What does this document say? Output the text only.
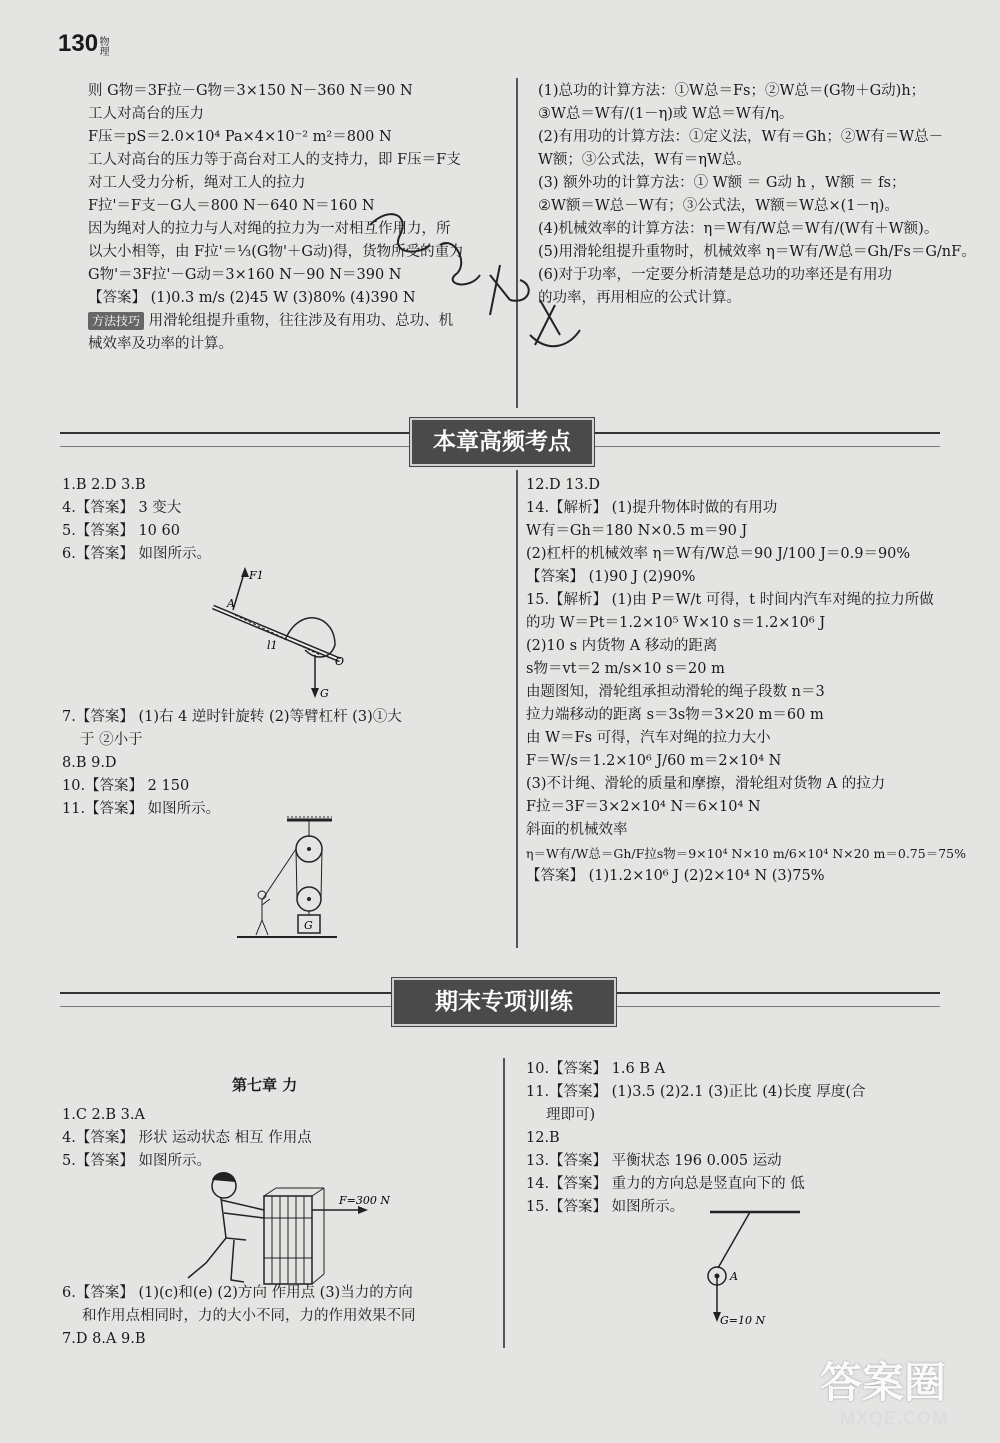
130
物理
则 G物＝3F拉－G物＝3×150 N－360 N＝90 N
工人对高台的压力
F压＝pS＝2.0×10⁴ Pa×4×10⁻² m²＝800 N
工人对高台的压力等于高台对工人的支持力，即 F压＝F支
对工人受力分析，绳对工人的拉力
F拉'＝F支－G人＝800 N－640 N＝160 N
因为绳对人的拉力与人对绳的拉力为一对相互作用力，所
以大小相等，由 F拉'＝⅓(G物'＋G动)得，货物所受的重力
G物'＝3F拉'－G动＝3×160 N－90 N＝390 N
【答案】 (1)0.3 m/s (2)45 W (3)80% (4)390 N
方法技巧 用滑轮组提升重物，往往涉及有用功、总功、机
械效率及功率的计算。
(1)总功的计算方法：①W总＝Fs；②W总＝(G物＋G动)h；
③W总＝W有/(1－η)或 W总＝W有/η。
(2)有用功的计算方法：①定义法，W有＝Gh；②W有＝W总－
W额；③公式法，W有＝ηW总。
(3) 额外功的计算方法：① W额 ＝ G动 h ，W额 ＝ fs；
②W额＝W总－W有；③公式法，W额＝W总×(1－η)。
(4)机械效率的计算方法：η＝W有/W总＝W有/(W有＋W额)。
(5)用滑轮组提升重物时，机械效率 η＝W有/W总＝Gh/Fs＝G/nF。
(6)对于功率，一定要分析清楚是总功的功率还是有用功
的功率，再用相应的公式计算。
本章高频考点
1.B 2.D 3.B
4.【答案】 3 变大
5.【答案】 10 60
6.【答案】 如图所示。
F1
A
l1
O
G
7.【答案】 (1)右 4 逆时针旋转 (2)等臂杠杆 (3)①大
于 ②小于
8.B 9.D
10.【答案】 2 150
11.【答案】 如图所示。
G
12.D 13.D
14.【解析】 (1)提升物体时做的有用功
W有＝Gh＝180 N×0.5 m＝90 J
(2)杠杆的机械效率 η＝W有/W总＝90 J/100 J＝0.9＝90%
【答案】 (1)90 J (2)90%
15.【解析】 (1)由 P＝W/t 可得，t 时间内汽车对绳的拉力所做
的功 W＝Pt＝1.2×10⁵ W×10 s＝1.2×10⁶ J
(2)10 s 内货物 A 移动的距离
s物＝vt＝2 m/s×10 s＝20 m
由题图知，滑轮组承担动滑轮的绳子段数 n＝3
拉力端移动的距离 s＝3s物＝3×20 m＝60 m
由 W＝Fs 可得，汽车对绳的拉力大小
F＝W/s＝1.2×10⁶ J/60 m＝2×10⁴ N
(3)不计绳、滑轮的质量和摩擦，滑轮组对货物 A 的拉力
F拉＝3F＝3×2×10⁴ N＝6×10⁴ N
斜面的机械效率
η＝W有/W总＝Gh/F拉s物＝9×10⁴ N×10 m/6×10⁴ N×20 m＝0.75＝75%
【答案】 (1)1.2×10⁶ J (2)2×10⁴ N (3)75%
期末专项训练
第七章 力
1.C 2.B 3.A
4.【答案】 形状 运动状态 相互 作用点
5.【答案】 如图所示。
F=300 N
6.【答案】 (1)(c)和(e) (2)方向 作用点 (3)当力的方向
和作用点相同时，力的大小不同，力的作用效果不同
7.D 8.A 9.B
10.【答案】 1.6 B A
11.【答案】 (1)3.5 (2)2.1 (3)正比 (4)长度 厚度(合
理即可)
12.B
13.【答案】 平衡状态 196 0.005 运动
14.【答案】 重力的方向总是竖直向下的 低
15.【答案】 如图所示。
A
G=10 N
答案圈
MXQE.COM
